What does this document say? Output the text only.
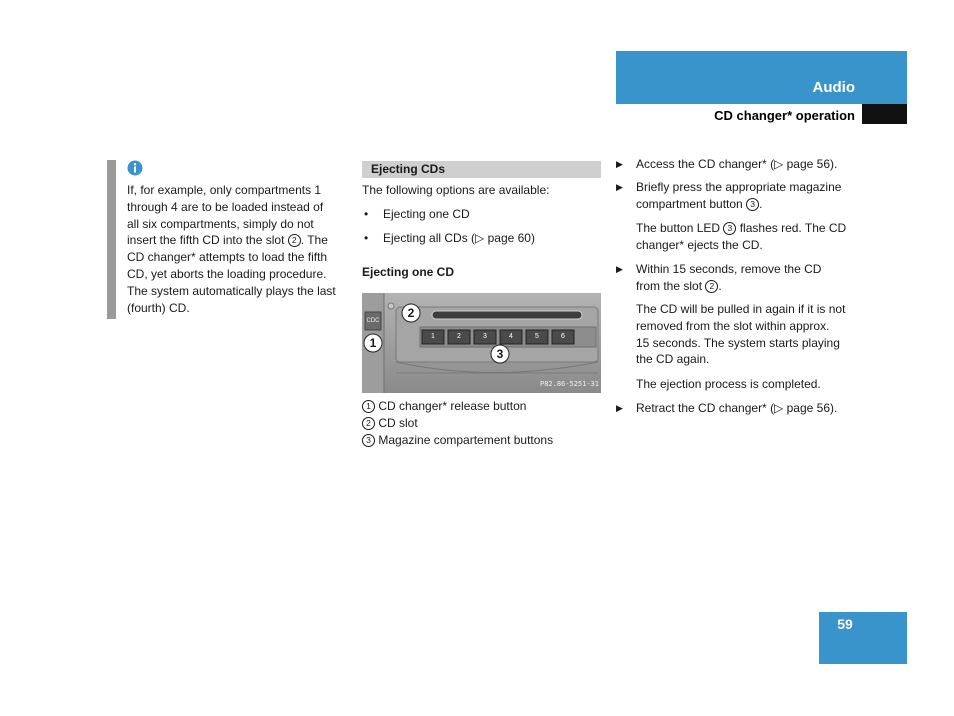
Audio
CD changer* operation
If, for example, only compartments 1
through 4 are to be loaded instead of
all six compartments, simply do not
insert the fifth CD into the slot 2 . The
CD changer* attempts to load the fifth
CD, yet aborts the loading procedure.
The system automatically plays the last
(fourth) CD.
Ejecting CDs
The following options are available:
• Ejecting one CD
• Ejecting all CDs (▷ page 60)
Ejecting one CD
CDC
1	2	3	4	5	6
2
1
3
P82.86-5251-31
1 CD changer* release button
2 CD slot
3 Magazine compartement buttons
▶ Access the CD changer* (▷ page 56).
▶ Briefly press the appropriate magazine
compartment button 3 .
The button LED 3 flashes red. The CD
changer* ejects the CD.
▶ Within 15 seconds, remove the CD
from the slot 2 .
The CD will be pulled in again if it is not
removed from the slot within approx.
15 seconds. The system starts playing
the CD again.
The ejection process is completed.
▶ Retract the CD changer* (▷ page 56).
59
